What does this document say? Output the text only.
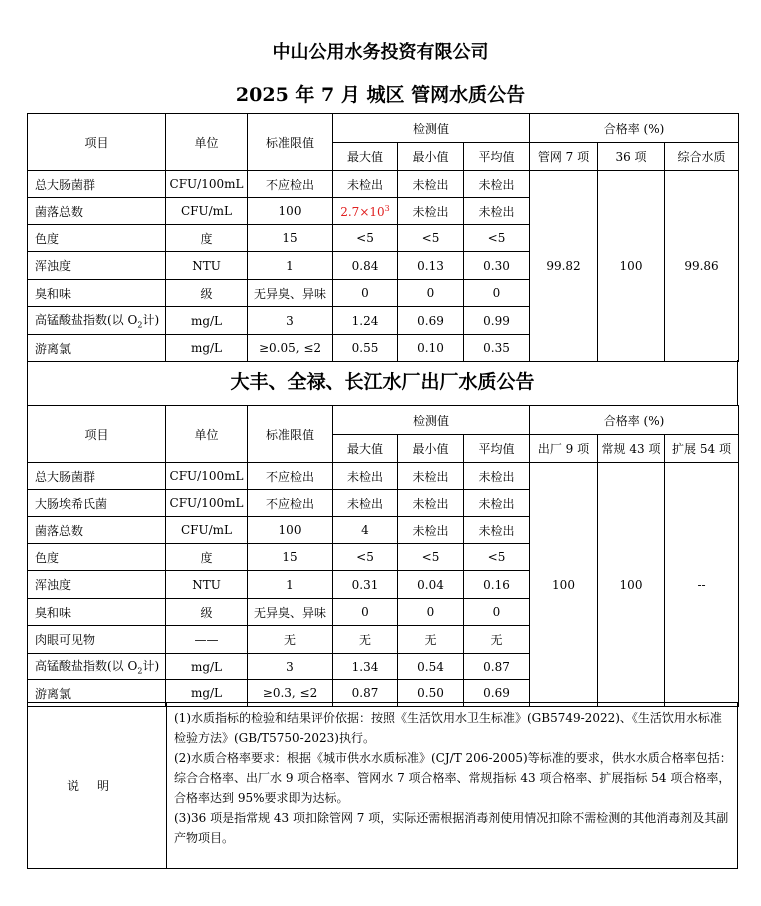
中山公用水务投资有限公司
2025 年 7 月 城区 管网水质公告
项目	单位	标准限值	检测值			合格率 (%)		
			最大值	最小值	平均值	管网 7 项	36 项	综合水质
总大肠菌群	CFU/100mL	不应检出	未检出	未检出	未检出	99.82	100	99.86
菌落总数	CFU/mL	100	$2.7\times 10^3$	未检出	未检出			
色度	度	15	<5	<5	<5			
浑浊度	NTU	1	0.84	0.13	0.30			
臭和味	级	无异臭、异味	0	0	0			
高锰酸盐指数(以 $O_2$计)	mg/L	3	1.24	0.69	0.99			
游离氯	mg/L	≥0.05, ≤2	0.55	0.10	0.35			
大丰、全禄、长江水厂出厂水质公告
项目	单位	标准限值	检测值			合格率 (%)		
			最大值	最小值	平均值	出厂 9 项	常规 43 项	扩展 54 项
总大肠菌群	CFU/100mL	不应检出	未检出	未检出	未检出	100	100	--
大肠埃希氏菌	CFU/100mL	不应检出	未检出	未检出	未检出			
菌落总数	CFU/mL	100	4	未检出	未检出			
色度	度	15	<5	<5	<5			
浑浊度	NTU	1	0.31	0.04	0.16			
臭和味	级	无异臭、异味	0	0	0			
肉眼可见物	——	无	无	无	无			
高锰酸盐指数(以 $O_2$计)	mg/L	3	1.34	0.54	0.87			
游离氯	mg/L	≥0.3, ≤2	0.87	0.50	0.69			
说明

(1)水质指标的检验和结果评价依据：按照《生活饮用水卫生标准》(GB5749-2022)、《生活饮用水标准检验方法》(GB/T5750-2023)执行。

(2)水质合格率要求：根据《城市供水水质标准》(CJ/T 206-2005)等标准的要求，供水水质合格率包括：综合合格率、出厂水 9 项合格率、管网水 7 项合格率、常规指标 43 项合格率、扩展指标 54 项合格率，合格率达到 95%要求即为达标。

(3)36 项是指常规 43 项扣除管网 7 项，实际还需根据消毒剂使用情况扣除不需检测的其他消毒剂及其副产物项目。
